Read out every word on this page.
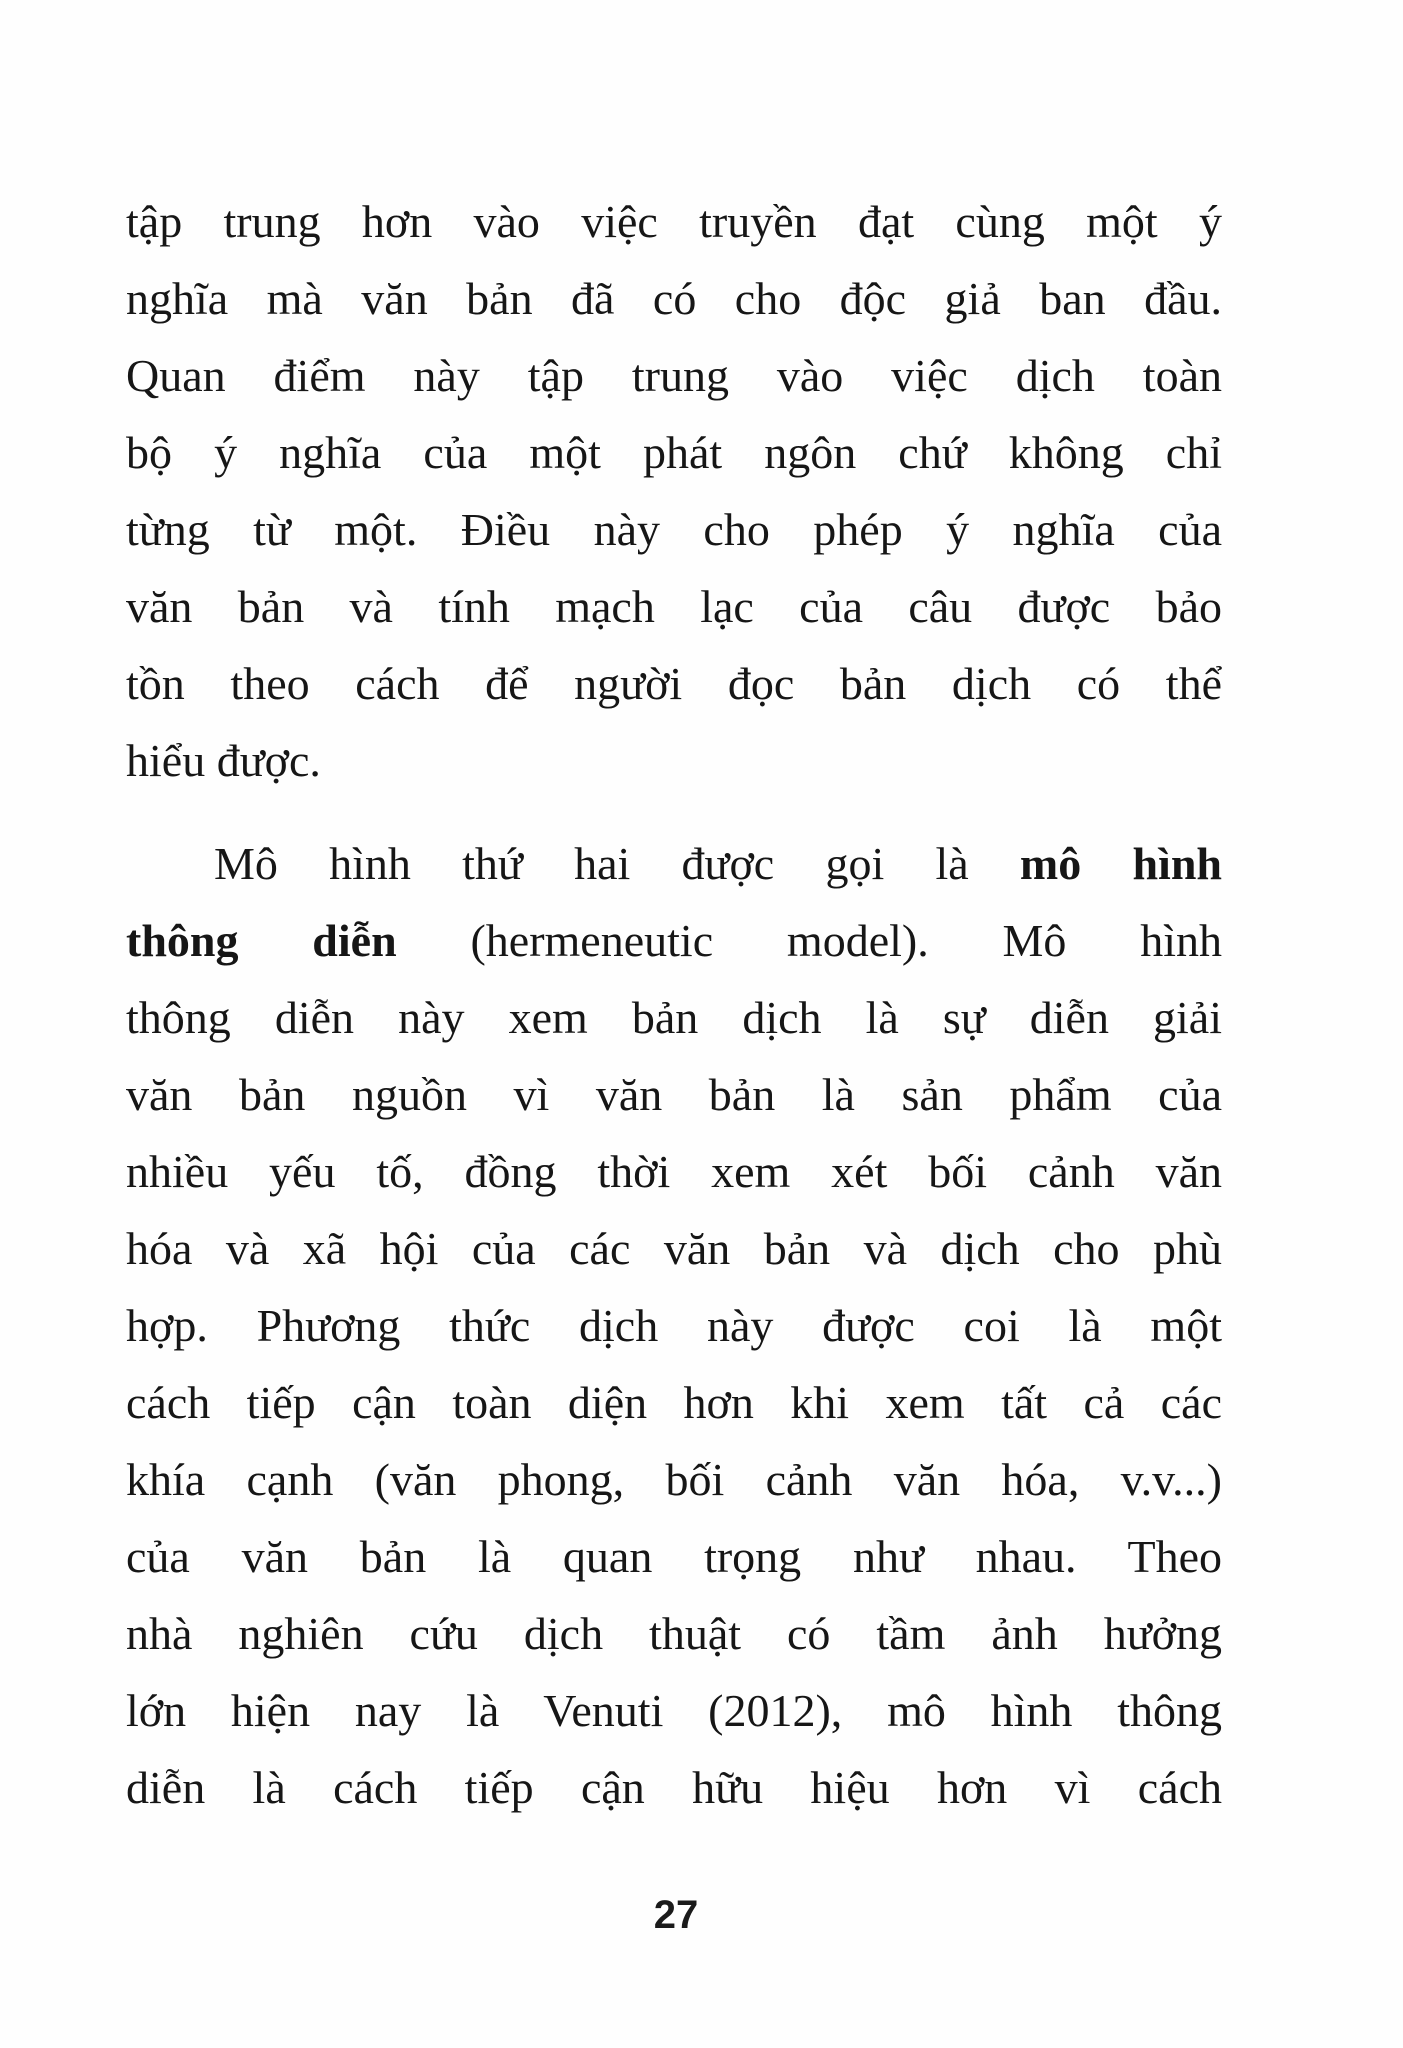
tập trung hơn vào việc truyền đạt cùng một ý
nghĩa mà văn bản đã có cho độc giả ban đầu.
Quan điểm này tập trung vào việc dịch toàn
bộ ý nghĩa của một phát ngôn chứ không chỉ
từng từ một. Điều này cho phép ý nghĩa của
văn bản và tính mạch lạc của câu được bảo
tồn theo cách để người đọc bản dịch có thể
hiểu được.
Mô hình thứ hai được gọi là mô hình
thông diễn (hermeneutic model). Mô hình
thông diễn này xem bản dịch là sự diễn giải
văn bản nguồn vì văn bản là sản phẩm của
nhiều yếu tố, đồng thời xem xét bối cảnh văn
hóa và xã hội của các văn bản và dịch cho phù
hợp. Phương thức dịch này được coi là một
cách tiếp cận toàn diện hơn khi xem tất cả các
khía cạnh (văn phong, bối cảnh văn hóa, v.v...)
của văn bản là quan trọng như nhau. Theo
nhà nghiên cứu dịch thuật có tầm ảnh hưởng
lớn hiện nay là Venuti (2012), mô hình thông
diễn là cách tiếp cận hữu hiệu hơn vì cách
27
